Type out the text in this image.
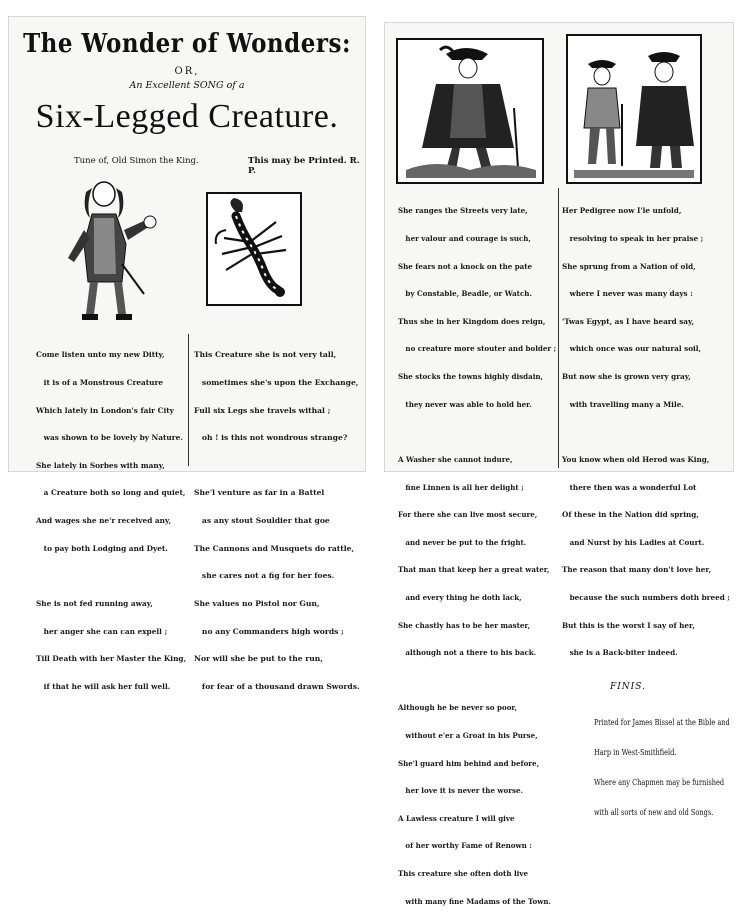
The Wonder of Wonders:
OR,
An Excellent SONG of a
Six-Legged Creature.
Tune of, Old Simon the King.	This may be Printed. R. P.

Come listen unto my new Ditty,

it is of a Monstrous Creature

Which lately in London's fair City

was shown to be lovely by Nature.

She lately in Sorbes with many,

a Creature both so long and quiet,

And wages she ne'r received any,

to pay both Lodging and Dyet.

She is not fed running away,

her anger she can can expell ;

Till Death with her Master the King,

if that he will ask her full well.

This Creature she is not very tall,

sometimes she's upon the Exchange,

Full six Legs she travels withal ;

oh ! is this not wondrous strange?

She'l venture as far in a Battel

as any stout Souldier that goe

The Cannons and Musquets do rattle,

she cares not a fig for her foes.

She values no Pistol nor Gun,

no any Commanders high words ;

Nor will she be put to the run,

for fear of a thousand drawn Swords.

She ranges the Streets very late,

her valour and courage is such,

She fears not a knock on the pate

by Constable, Beadle, or Watch.

Thus she in her Kingdom does reign,

no creature more stouter and bolder ;

She stocks the towns highly disdain,

they never was able to hold her.

A Washer she cannot indure,

fine Linnen is all her delight ;

For there she can live most secure,

and never be put to the fright.

That man that keep her a great water,

and every thing he doth lack,

She chastly has to be her master,

although not a there to his back.

Although he be never so poor,

without e'er a Groat in his Purse,

She'l guard him behind and before,

her love it is never the worse.

A Lawless creature I will give

of her worthy Fame of Renown :

This creature she often doth live

with many fine Madams of the Town.

Her Pedigree now I'le unfold,

resolving to speak in her praise ;

She sprung from a Nation of old,

where I never was many days :

'Twas Egypt, as I have heard say,

which once was our natural soil,

But now she is grown very gray,

with travelling many a Mile.

You know when old Herod was King,

there then was a wonderful Lot

Of these in the Nation did spring,

and Nurst by his Ladies at Court.

The reason that many don't love her,

because the such numbers doth breed ;

But this is the worst I say of her,

she is a Back-biter indeed.

FINIS.

Printed for James Bissel at the Bible and

Harp in West-Smithfield.

Where any Chapmen may be furnished

with all sorts of new and old Songs.
